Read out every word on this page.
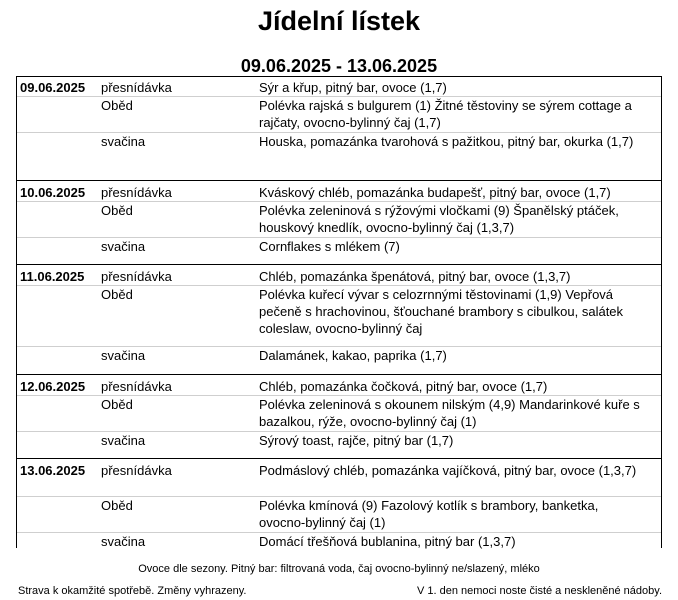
Jídelní lístek
09.06.2025 - 13.06.2025
09.06.2025	přesnídávka	Sýr a křup, pitný bar, ovoce (1,7)
Oběd	Polévka rajská s bulgurem (1) Žitné těstoviny se sýrem cottage a rajčaty, ovocno-bylinný čaj (1,7)
svačina	Houska, pomazánka tvarohová s pažitkou, pitný bar, okurka (1,7)
10.06.2025	přesnídávka	Kváskový chléb, pomazánka budapešť, pitný bar, ovoce (1,7)
Oběd	Polévka zeleninová s rýžovými vločkami (9) Španělský ptáček, houskový knedlík, ovocno-bylinný čaj (1,3,7)
svačina	Cornflakes s mlékem (7)
11.06.2025	přesnídávka	Chléb, pomazánka špenátová, pitný bar, ovoce (1,3,7)
Oběd	Polévka kuřecí vývar s celozrnnými těstovinami (1,9) Vepřová pečeně s hrachovinou, šťouchané brambory s cibulkou, salátek coleslaw, ovocno-bylinný čaj
svačina	Dalamánek, kakao, paprika (1,7)
12.06.2025	přesnídávka	Chléb, pomazánka čočková, pitný bar, ovoce (1,7)
Oběd	Polévka zeleninová s okounem nilským (4,9) Mandarinkové kuře s bazalkou, rýže, ovocno-bylinný čaj (1)
svačina	Sýrový toast, rajče, pitný bar (1,7)
13.06.2025	přesnídávka	Podmáslový chléb, pomazánka vajíčková, pitný bar, ovoce (1,3,7)
Oběd	Polévka kmínová (9) Fazolový kotlík s brambory, banketka, ovocno-bylinný čaj (1)
svačina	Domácí třešňová bublanina, pitný bar (1,3,7)
Ovoce dle sezony. Pitný bar: filtrovaná voda, čaj ovocno-bylinný ne/slazený, mléko
Strava k okamžité spotřebě. Změny vyhrazeny.	V 1. den nemoci noste čisté a neskleněné nádoby.
